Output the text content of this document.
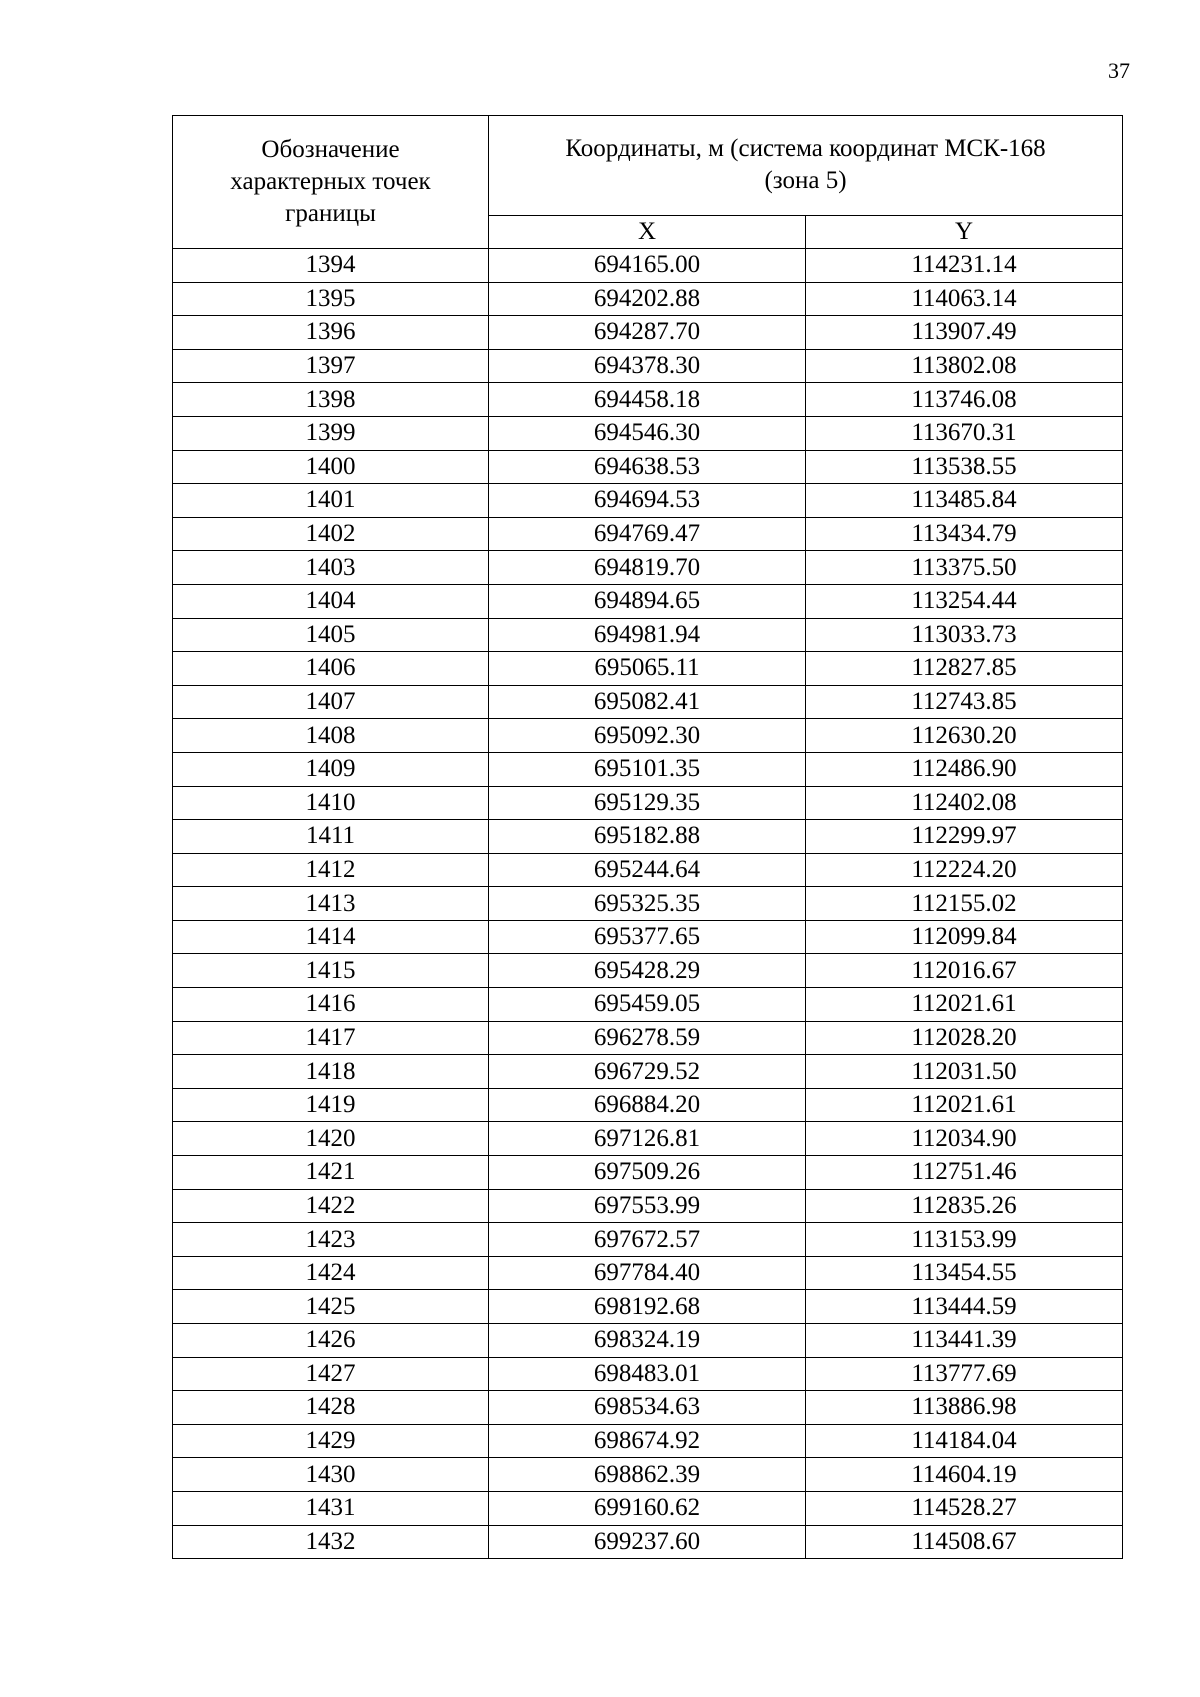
37
Обозначение характерных точек границы	Координаты, м (система координат МСК-168 (зона 5)	
	X	Y
1394	694165.00	114231.14
1395	694202.88	114063.14
1396	694287.70	113907.49
1397	694378.30	113802.08
1398	694458.18	113746.08
1399	694546.30	113670.31
1400	694638.53	113538.55
1401	694694.53	113485.84
1402	694769.47	113434.79
1403	694819.70	113375.50
1404	694894.65	113254.44
1405	694981.94	113033.73
1406	695065.11	112827.85
1407	695082.41	112743.85
1408	695092.30	112630.20
1409	695101.35	112486.90
1410	695129.35	112402.08
1411	695182.88	112299.97
1412	695244.64	112224.20
1413	695325.35	112155.02
1414	695377.65	112099.84
1415	695428.29	112016.67
1416	695459.05	112021.61
1417	696278.59	112028.20
1418	696729.52	112031.50
1419	696884.20	112021.61
1420	697126.81	112034.90
1421	697509.26	112751.46
1422	697553.99	112835.26
1423	697672.57	113153.99
1424	697784.40	113454.55
1425	698192.68	113444.59
1426	698324.19	113441.39
1427	698483.01	113777.69
1428	698534.63	113886.98
1429	698674.92	114184.04
1430	698862.39	114604.19
1431	699160.62	114528.27
1432	699237.60	114508.67
